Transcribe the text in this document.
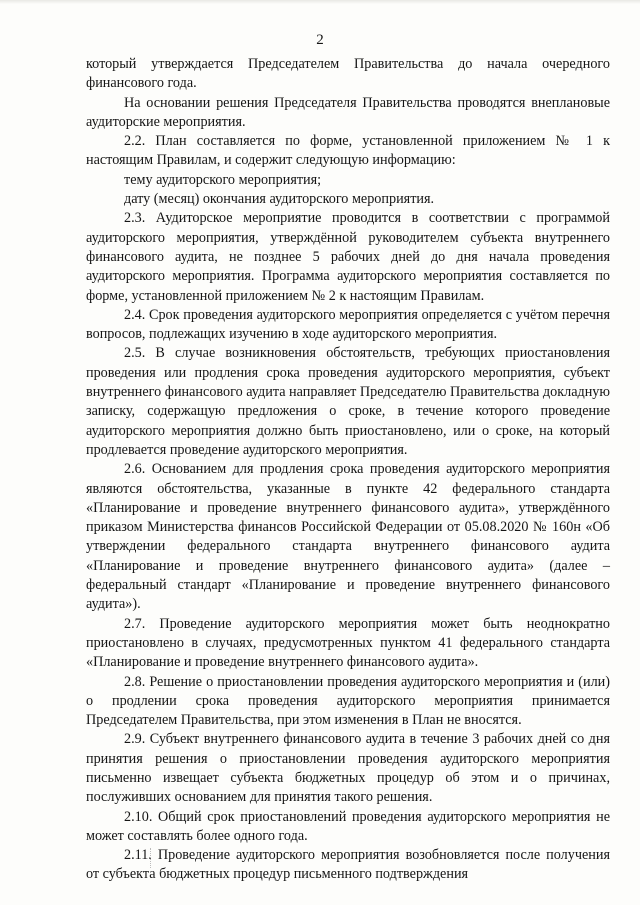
2

который утверждается Председателем Правительства до начала очередного финансового года.

На основании решения Председателя Правительства проводятся внеплановые аудиторские мероприятия.

2.2. План составляется по форме, установленной приложением № 1 к настоящим Правилам, и содержит следующую информацию:

тему аудиторского мероприятия;

дату (месяц) окончания аудиторского мероприятия.

2.3. Аудиторское мероприятие проводится в соответствии с программой аудиторского мероприятия, утверждённой руководителем субъекта внутреннего финансового аудита, не позднее 5 рабочих дней до дня начала проведения аудиторского мероприятия. Программа аудиторского мероприятия составляется по форме, установленной приложением № 2 к настоящим Правилам.

2.4. Срок проведения аудиторского мероприятия определяется с учётом перечня вопросов, подлежащих изучению в ходе аудиторского мероприятия.

2.5. В случае возникновения обстоятельств, требующих приостановления проведения или продления срока проведения аудиторского мероприятия, субъект внутреннего финансового аудита направляет Председателю Правительства докладную записку, содержащую предложения о сроке, в течение которого проведение аудиторского мероприятия должно быть приостановлено, или о сроке, на который продлевается проведение аудиторского мероприятия.

2.6. Основанием для продления срока проведения аудиторского мероприятия являются обстоятельства, указанные в пункте 42 федерального стандарта «Планирование и проведение внутреннего финансового аудита», утверждённого приказом Министерства финансов Российской Федерации от 05.08.2020 № 160н «Об утверждении федерального стандарта внутреннего финансового аудита «Планирование и проведение внутреннего финансового аудита» (далее – федеральный стандарт «Планирование и проведение внутреннего финансового аудита»).

2.7. Проведение аудиторского мероприятия может быть неоднократно приостановлено в случаях, предусмотренных пунктом 41 федерального стандарта «Планирование и проведение внутреннего финансового аудита».

2.8. Решение о приостановлении проведения аудиторского мероприятия и (или) о продлении срока проведения аудиторского мероприятия принимается Председателем Правительства, при этом изменения в План не вносятся.

2.9. Субъект внутреннего финансового аудита в течение 3 рабочих дней со дня принятия решения о приостановлении проведения аудиторского мероприятия письменно извещает субъекта бюджетных процедур об этом и о причинах, послуживших основанием для принятия такого решения.

2.10. Общий срок приостановлений проведения аудиторского мероприятия не может составлять более одного года.

2.11. Проведение аудиторского мероприятия возобновляется после получения от субъекта бюджетных процедур письменного подтверждения
